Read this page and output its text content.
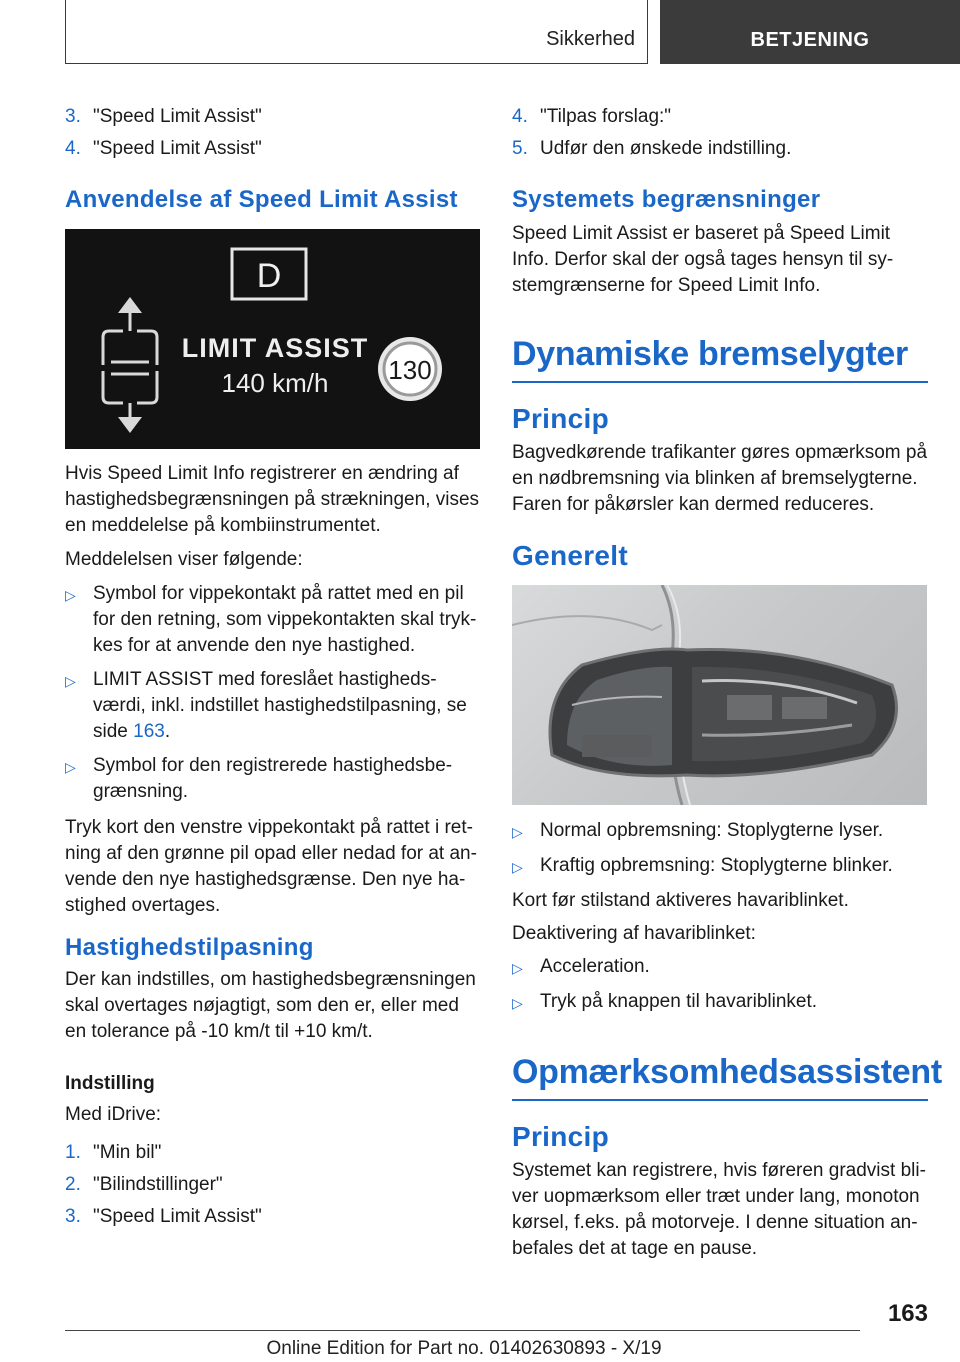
Sikkerhed	BETJENING
3. "Speed Limit Assist"
4. "Speed Limit Assist"
Anvendelse af Speed Limit Assist
D
LIMIT ASSIST
140 km/h 130

Hvis Speed Limit Info registrerer en ændring af hastighedsbegrænsningen på strækningen, vises en meddelelse på kombiinstrumentet.

Meddelelsen viser følgende:

▷ Symbol for vippekontakt på rattet med en pil for den retning, som vippekontakten skal trykkes for at anvende den nye hastighed.
▷ LIMIT ASSIST med foreslået hastighedsværdi, inkl. indstillet hastighedstilpasning, se side 163.
▷ Symbol for den registrerede hastighedsbegrænsning.

Tryk kort den venstre vippekontakt på rattet i retning af den grønne pil opad eller nedad for at anvende den nye hastighedsgrænse. Den nye hastighed overtages.

Hastighedstilpasning

Der kan indstilles, om hastighedsbegrænsningen skal overtages nøjagtigt, som den er, eller med en tolerance på -10 km/t til +10 km/t.

Indstilling

Med iDrive:

1. "Min bil"
2. "Bilindstillinger"
3. "Speed Limit Assist"
4. "Tilpas forslag:"
5. Udfør den ønskede indstilling.
Systemets begrænsninger

Speed Limit Assist er baseret på Speed Limit Info. Derfor skal der også tages hensyn til systemgrænserne for Speed Limit Info.

Dynamiske bremselygter
Princip

Bagvedkørende trafikanter gøres opmærksom på en nødbremsning via blinken af bremselygterne. Faren for påkørsler kan dermed reduceres.

Generelt
▷ Normal opbremsning: Stoplygterne lyser.
▷ Kraftig opbremsning: Stoplygterne blinker.

Kort før stilstand aktiveres havariblinket.

Deaktivering af havariblinket:

▷ Acceleration.
▷ Tryk på knappen til havariblinket.
Opmærksomhedsassistent
Princip

Systemet kan registrere, hvis føreren gradvist bliver uopmærksom eller træt under lang, monoton kørsel, f.eks. på motorveje. I denne situation anbefales det at tage en pause.

163
Online Edition for Part no. 01402630893 - X/19
